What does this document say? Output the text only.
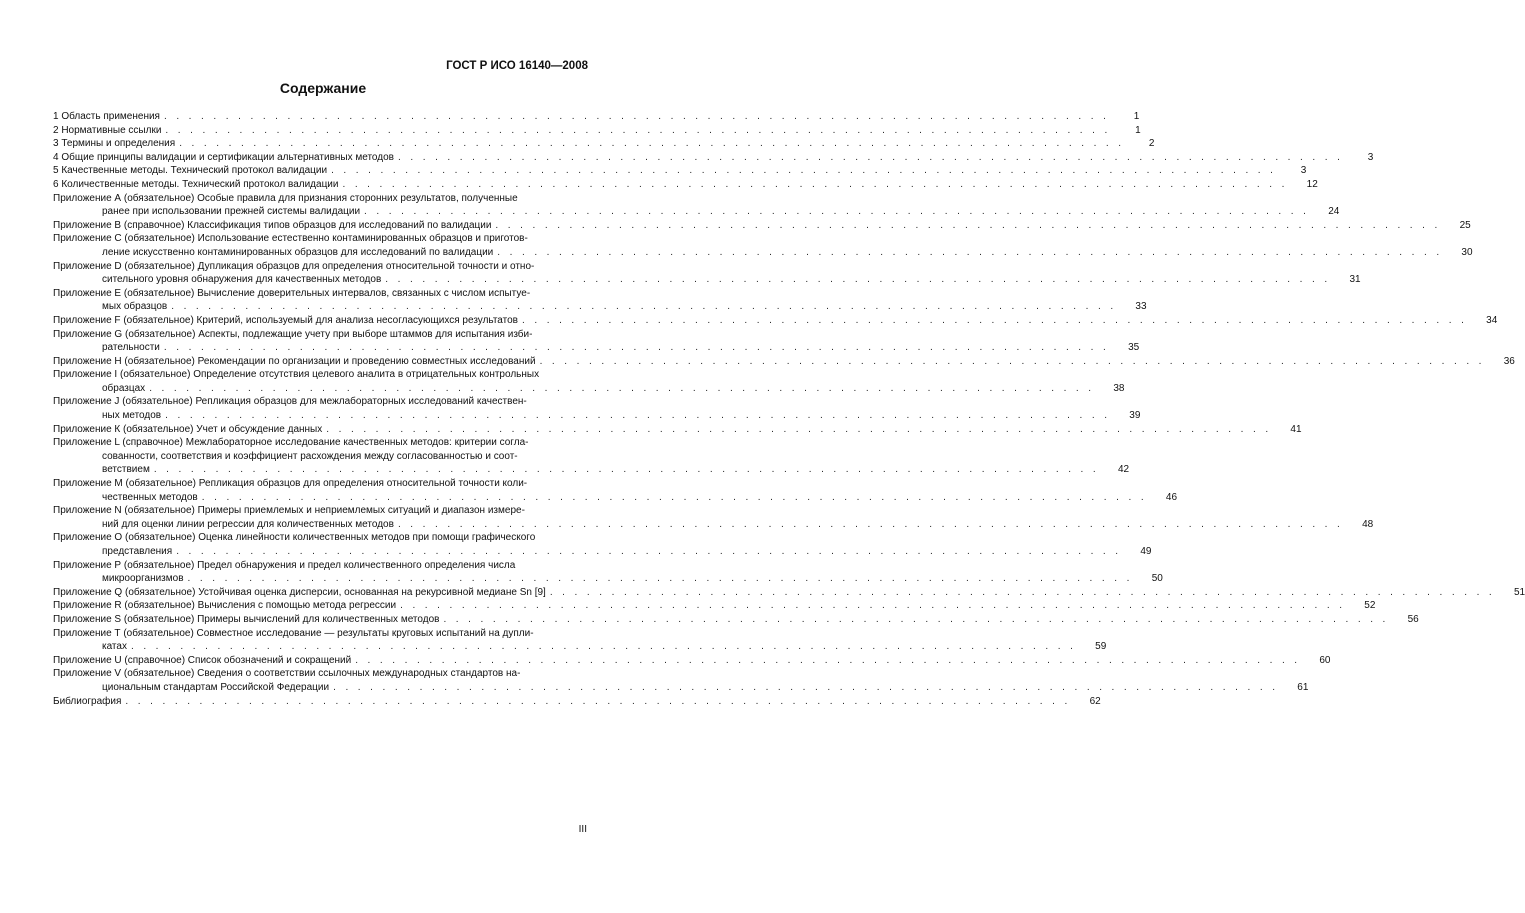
ГОСТ Р ИСО 16140—2008
Содержание
1 Область применения . . . . . . . . . . . . . . . . . . . . . . . . . . . . . . . . . . . . . . . . . . . . . . . . . . . . . . . . . . . . . . . . . . . . . . . . . . . . .	1
2 Нормативные ссылки . . . . . . . . . . . . . . . . . . . . . . . . . . . . . . . . . . . . . . . . . . . . . . . . . . . . . . . . . . . . . . . . . . . . . . . . . . . . .	1
3 Термины и определения . . . . . . . . . . . . . . . . . . . . . . . . . . . . . . . . . . . . . . . . . . . . . . . . . . . . . . . . . . . . . . . . . . . . . . . . . . . . .	2
4 Общие принципы валидации и сертификации альтернативных методов . . . . . . . . . . . . . . . . . . . . . . . . . . . . . . . . . . . . . . . . . . . . . . . . . . . . . . . . . . . . . . . . . . . . . . . . . . . . .	3
5 Качественные методы. Технический протокол валидации . . . . . . . . . . . . . . . . . . . . . . . . . . . . . . . . . . . . . . . . . . . . . . . . . . . . . . . . . . . . . . . . . . . . . . . . . . . . .	3
6 Количественные методы. Технический протокол валидации . . . . . . . . . . . . . . . . . . . . . . . . . . . . . . . . . . . . . . . . . . . . . . . . . . . . . . . . . . . . . . . . . . . . . . . . . . . . .	12
Приложение А (обязательное) Особые правила для признания сторонних результатов, полученные
ранее при использовании прежней системы валидации . . . . . . . . . . . . . . . . . . . . . . . . . . . . . . . . . . . . . . . . . . . . . . . . . . . . . . . . . . . . . . . . . . . . . . . . . . . . .	24
Приложение В (справочное) Классификация типов образцов для исследований по валидации . . . . . . . . . . . . . . . . . . . . . . . . . . . . . . . . . . . . . . . . . . . . . . . . . . . . . . . . . . . . . . . . . . . . . . . . . . . . .	25
Приложение С (обязательное) Использование естественно контаминированных образцов и приготов-
ление искусственно контаминированных образцов для исследований по валидации . . . . . . . . . . . . . . . . . . . . . . . . . . . . . . . . . . . . . . . . . . . . . . . . . . . . . . . . . . . . . . . . . . . . . . . . . . . . .	30
Приложение D (обязательное) Дупликация образцов для определения относительной точности и отно-
сительного уровня обнаружения для качественных методов . . . . . . . . . . . . . . . . . . . . . . . . . . . . . . . . . . . . . . . . . . . . . . . . . . . . . . . . . . . . . . . . . . . . . . . . . . . . .	31
Приложение Е (обязательное) Вычисление доверительных интервалов, связанных с числом испытуе-
мых образцов . . . . . . . . . . . . . . . . . . . . . . . . . . . . . . . . . . . . . . . . . . . . . . . . . . . . . . . . . . . . . . . . . . . . . . . . . . . . .	33
Приложение F (обязательное) Критерий, используемый для анализа несогласующихся результатов . . . . . . . . . . . . . . . . . . . . . . . . . . . . . . . . . . . . . . . . . . . . . . . . . . . . . . . . . . . . . . . . . . . . . . . . . . . . .	34
Приложение G (обязательное) Аспекты, подлежащие учету при выборе штаммов для испытания изби-
рательности . . . . . . . . . . . . . . . . . . . . . . . . . . . . . . . . . . . . . . . . . . . . . . . . . . . . . . . . . . . . . . . . . . . . . . . . . . . . .	35
Приложение Н (обязательное) Рекомендации по организации и проведению совместных исследований . . . . . . . . . . . . . . . . . . . . . . . . . . . . . . . . . . . . . . . . . . . . . . . . . . . . . . . . . . . . . . . . . . . . . . . . . . . . .	36
Приложение I (обязательное) Определение отсутствия целевого аналита в отрицательных контрольных
образцах . . . . . . . . . . . . . . . . . . . . . . . . . . . . . . . . . . . . . . . . . . . . . . . . . . . . . . . . . . . . . . . . . . . . . . . . . . . . .	38
Приложение J (обязательное) Репликация образцов для межлабораторных исследований качествен-
ных методов . . . . . . . . . . . . . . . . . . . . . . . . . . . . . . . . . . . . . . . . . . . . . . . . . . . . . . . . . . . . . . . . . . . . . . . . . . . . .	39
Приложение К (обязательное) Учет и обсуждение данных . . . . . . . . . . . . . . . . . . . . . . . . . . . . . . . . . . . . . . . . . . . . . . . . . . . . . . . . . . . . . . . . . . . . . . . . . . . . .	41
Приложение L (справочное) Межлабораторное исследование качественных методов: критерии согла-
сованности, соответствия и коэффициент расхождения между согласованностью и соот-
ветствием . . . . . . . . . . . . . . . . . . . . . . . . . . . . . . . . . . . . . . . . . . . . . . . . . . . . . . . . . . . . . . . . . . . . . . . . . . . . .	42
Приложение М (обязательное) Репликация образцов для определения относительной точности коли-
чественных методов . . . . . . . . . . . . . . . . . . . . . . . . . . . . . . . . . . . . . . . . . . . . . . . . . . . . . . . . . . . . . . . . . . . . . . . . . . . . .	46
Приложение N (обязательное) Примеры приемлемых и неприемлемых ситуаций и диапазон измере-
ний для оценки линии регрессии для количественных методов . . . . . . . . . . . . . . . . . . . . . . . . . . . . . . . . . . . . . . . . . . . . . . . . . . . . . . . . . . . . . . . . . . . . . . . . . . . . .	48
Приложение О (обязательное) Оценка линейности количественных методов при помощи графического
представления . . . . . . . . . . . . . . . . . . . . . . . . . . . . . . . . . . . . . . . . . . . . . . . . . . . . . . . . . . . . . . . . . . . . . . . . . . . . .	49
Приложение Р (обязательное) Предел обнаружения и предел количественного определения числа
микроорганизмов . . . . . . . . . . . . . . . . . . . . . . . . . . . . . . . . . . . . . . . . . . . . . . . . . . . . . . . . . . . . . . . . . . . . . . . . . . . . .	50
Приложение Q (обязательное) Устойчивая оценка дисперсии, основанная на рекурсивной медиане Sn [9] . . . . . . . . . . . . . . . . . . . . . . . . . . . . . . . . . . . . . . . . . . . . . . . . . . . . . . . . . . . . . . . . . . . . . . . . . . . . .	51
Приложение R (обязательное) Вычисления с помощью метода регрессии . . . . . . . . . . . . . . . . . . . . . . . . . . . . . . . . . . . . . . . . . . . . . . . . . . . . . . . . . . . . . . . . . . . . . . . . . . . . .	52
Приложение S (обязательное) Примеры вычислений для количественных методов . . . . . . . . . . . . . . . . . . . . . . . . . . . . . . . . . . . . . . . . . . . . . . . . . . . . . . . . . . . . . . . . . . . . . . . . . . . . .	56
Приложение Т (обязательное) Совместное исследование — результаты круговых испытаний на дупли-
катах . . . . . . . . . . . . . . . . . . . . . . . . . . . . . . . . . . . . . . . . . . . . . . . . . . . . . . . . . . . . . . . . . . . . . . . . . . . . .	59
Приложение U (справочное) Список обозначений и сокращений . . . . . . . . . . . . . . . . . . . . . . . . . . . . . . . . . . . . . . . . . . . . . . . . . . . . . . . . . . . . . . . . . . . . . . . . . . . . .	60
Приложение V (обязательное) Сведения о соответствии ссылочных международных стандартов на-
циональным стандартам Российской Федерации . . . . . . . . . . . . . . . . . . . . . . . . . . . . . . . . . . . . . . . . . . . . . . . . . . . . . . . . . . . . . . . . . . . . . . . . . . . . .	61
Библиография . . . . . . . . . . . . . . . . . . . . . . . . . . . . . . . . . . . . . . . . . . . . . . . . . . . . . . . . . . . . . . . . . . . . . . . . . . . . .	62
III
